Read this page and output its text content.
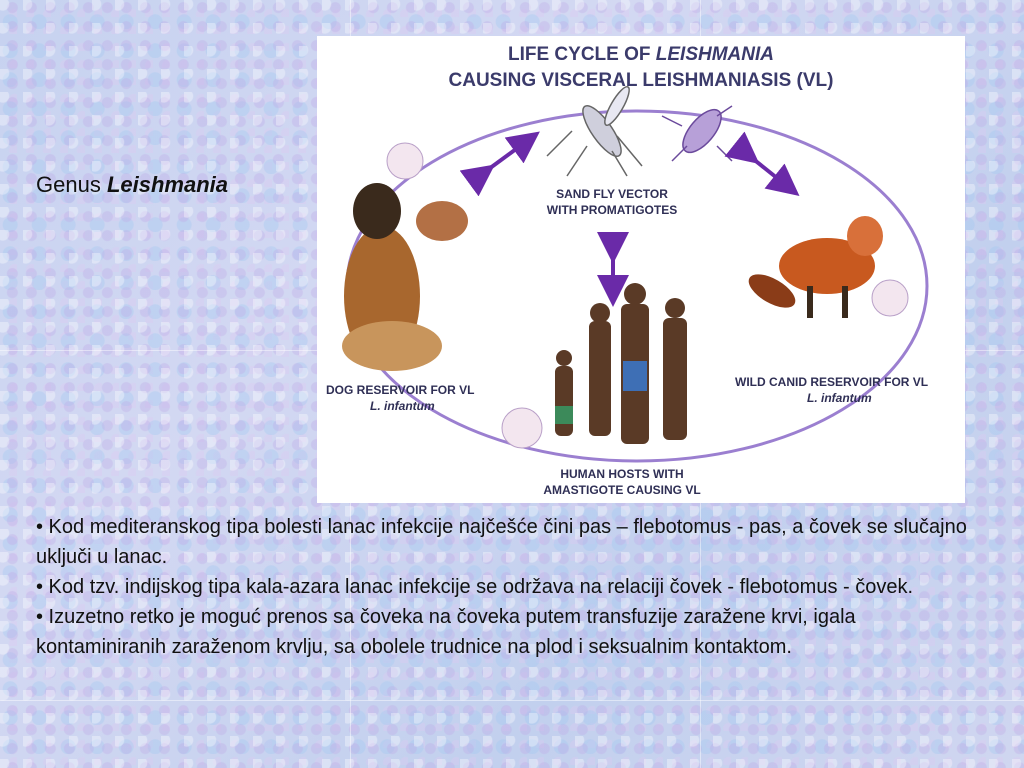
Genus Leishmania
LIFE CYCLE OF LEISHMANIA
CAUSING VISCERAL LEISHMANIASIS (VL)
SAND FLY VECTOR
WITH PROMATIGOTES
DOG RESERVOIR FOR VL
L. infantum
WILD CANID RESERVOIR FOR VL
L. infantum
HUMAN HOSTS WITH
AMASTIGOTE CAUSING VL

• Kod mediteranskog tipa bolesti lanac infekcije najčešće čini pas – flebotomus - pas, a čovek se slučajno uključi u lanac.

• Kod tzv. indijskog tipa kala-azara lanac infekcije se održava na relaciji čovek - flebotomus - čovek.

• Izuzetno retko je moguć prenos sa čoveka na čoveka putem transfuzije zaražene krvi, igala kontaminiranih zaraženom krvlju, sa obolele trudnice na plod i seksualnim kontaktom.
